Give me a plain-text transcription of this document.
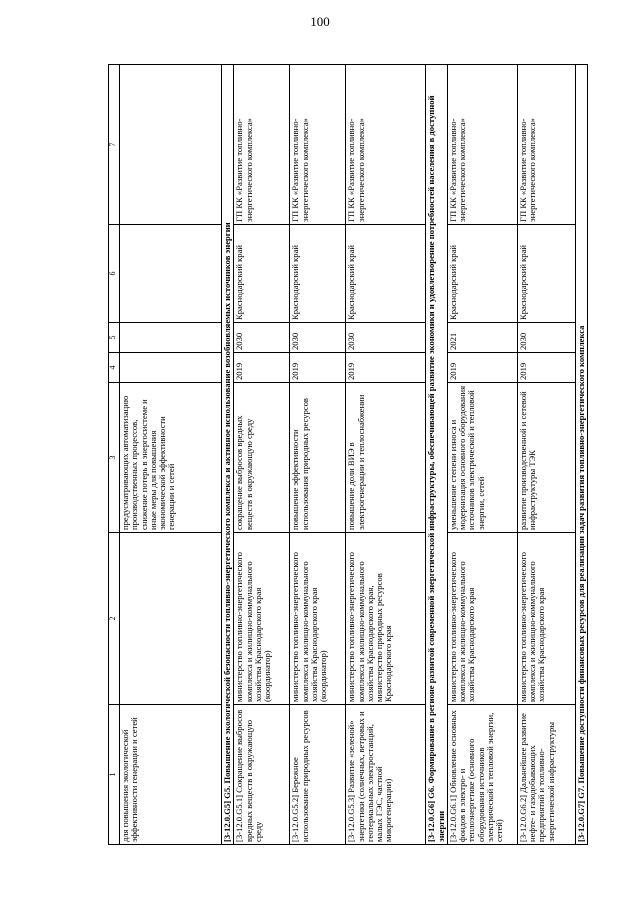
100
1	2	3	4	5	6	7
для повышения экологической эффективности генерации и сетей		предусматривающих автоматизацию производственных процессов, снижение потерь в энергосистеме и иные меры для повышения экономической эффективности генерации и сетей				
[3-12.0.G5] G5. Повышение экологической безопасности топливно-энергетического комплекса и активное использование возобновляемых источников энергии						
[3-12.0.G5.1] Сокращение выбросов вредных веществ в окружающую среду	министерство топливно-энергетического комплекса и жилищно-коммунального хозяйства Краснодарского края (координатор)	сокращение выбросов вредных веществ в окружающую среду	2019	2030	Краснодарский край	ГП КК «Развитие топливно-энергетического комплекса»
[3-12.0.G5.2] Бережное использование природных ресурсов	министерство топливно-энергетического комплекса и жилищно-коммунального хозяйства Краснодарского края (координатор)	повышение эффективности использования природных ресурсов	2019	2030	Краснодарский край	ГП КК «Развитие топливно-энергетического комплекса»
[3-12.0.G5.3] Развитие «зеленой» энергетики (солнечных, ветровых и геотермальных электростанций, малых ГЭС, частной микрогенерации)	министерство топливно-энергетического комплекса и жилищно-коммунального хозяйства Краснодарского края, министерство природных ресурсов Краснодарского края	повышение доли ВИЭ в электрогенерации и теплоснабжении	2019	2030	Краснодарский край	ГП КК «Развитие топливно-энергетического комплекса»
[3-12.0.G6] G6. Формирование в регионе развитой современной энергетической инфраструктуры, обеспечивающей развитие экономики и удовлетворение потребностей населения в доступной энергии						
[3-12.0.G6.1] Обновление основных фондов в электро- и теплоэнергетике (основного оборудования источников электрической и тепловой энергии, сетей)	министерство топливно-энергетического комплекса и жилищно-коммунального хозяйства Краснодарского края	уменьшение степени износа и модернизация основного оборудования источников электрической и тепловой энергии, сетей	2019	2021	Краснодарский край	ГП КК «Развитие топливно-энергетического комплекса»
[3-12.0.G6.2] Дальнейшее развитие нефте- и газодобывающих предприятий и топливно-энергетической инфраструктуры	министерство топливно-энергетического комплекса и жилищно-коммунального хозяйства Краснодарского края	развитие производственной и сетевой инфраструктуры ТЭК	2019	2030	Краснодарский край	ГП КК «Развитие топливно-энергетического комплекса»
[3-12.0.G7] G7. Повышение доступности финансовых ресурсов для реализации задач развития топливно-энергетического комплекса						
